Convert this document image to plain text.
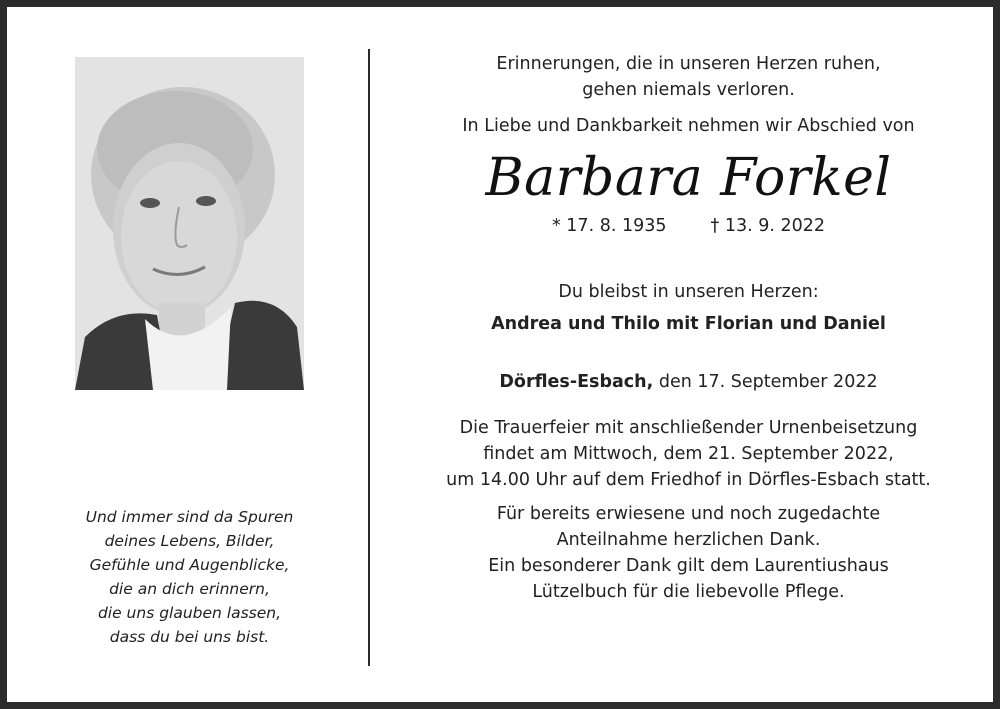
Und immer sind da Spuren
deines Lebens, Bilder,
Gefühle und Augenblicke,
die an dich erinnern,
die uns glauben lassen,
dass du bei uns bist.
Erinnerungen, die in unseren Herzen ruhen,
gehen niemals verloren.
In Liebe und Dankbarkeit nehmen wir Abschied von
Barbara Forkel
* 17. 8. 1935	† 13. 9. 2022
Du bleibst in unseren Herzen:
Andrea und Thilo mit Florian und Daniel
Dörfles-Esbach, den 17. September 2022
Die Trauerfeier mit anschließender Urnenbeisetzung
findet am Mittwoch, dem 21. September 2022,
um 14.00 Uhr auf dem Friedhof in Dörfles-Esbach statt.
Für bereits erwiesene und noch zugedachte
Anteilnahme herzlichen Dank.
Ein besonderer Dank gilt dem Laurentiushaus
Lützelbuch für die liebevolle Pflege.
